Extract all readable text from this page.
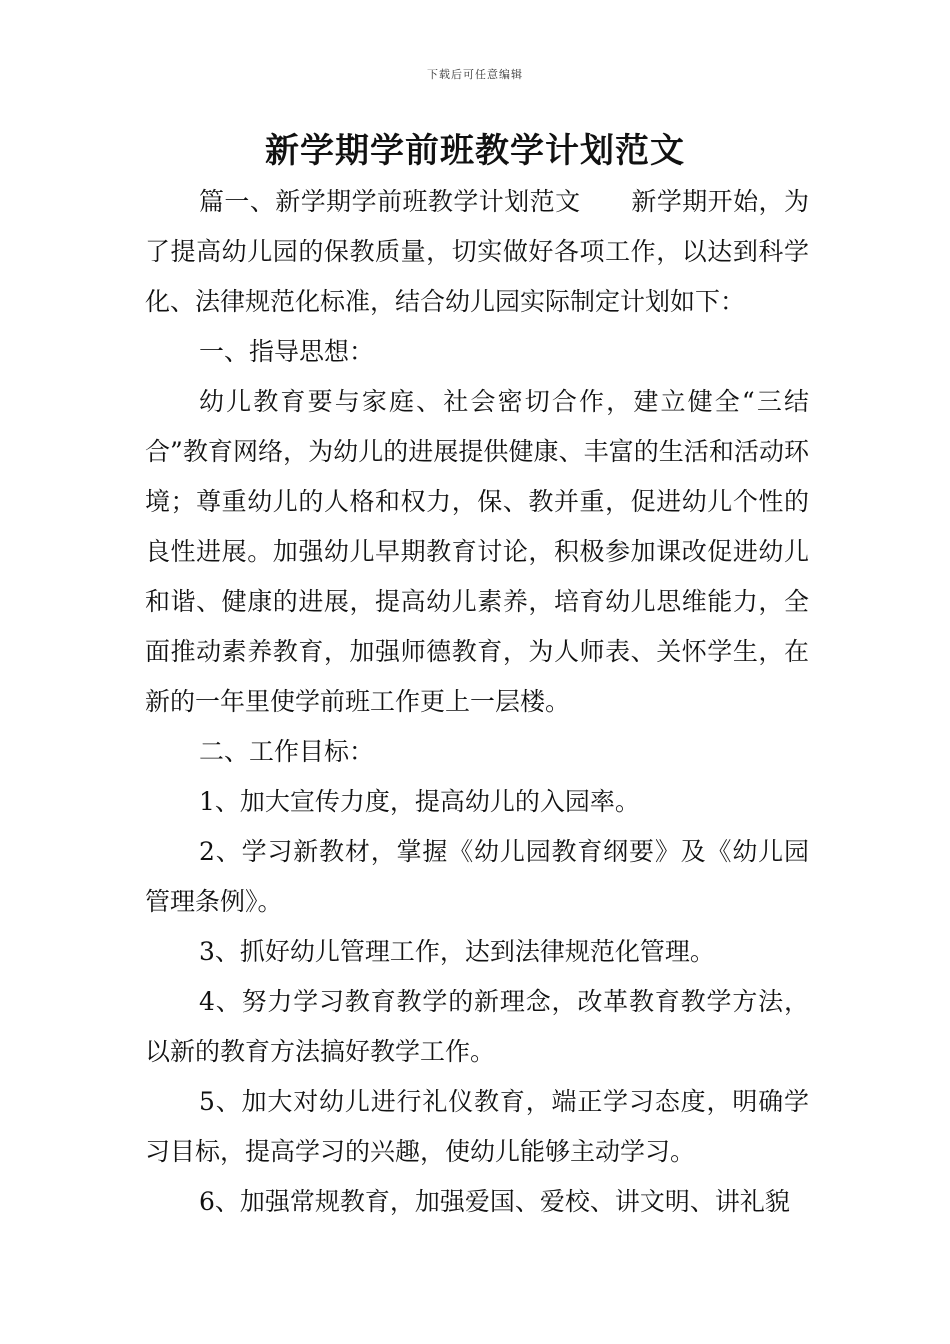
下载后可任意编辑
新学期学前班教学计划范文

篇一、新学期学前班教学计划范文　　新学期开始，为了提高幼儿园的保教质量，切实做好各项工作，以达到科学化、法律规范化标准，结合幼儿园实际制定计划如下：

一、指导思想：

幼儿教育要与家庭、社会密切合作，建立健全“三结合”教育网络，为幼儿的进展提供健康、丰富的生活和活动环境；尊重幼儿的人格和权力，保、教并重，促进幼儿个性的良性进展。加强幼儿早期教育讨论，积极参加课改促进幼儿和谐、健康的进展，提高幼儿素养，培育幼儿思维能力，全面推动素养教育，加强师德教育，为人师表、关怀学生，在新的一年里使学前班工作更上一层楼。

二、工作目标：

1、加大宣传力度，提高幼儿的入园率。

2、学习新教材，掌握《幼儿园教育纲要》及《幼儿园管理条例》。

3、抓好幼儿管理工作，达到法律规范化管理。

4、努力学习教育教学的新理念，改革教育教学方法，以新的教育方法搞好教学工作。

5、加大对幼儿进行礼仪教育，端正学习态度，明确学习目标，提高学习的兴趣，使幼儿能够主动学习。

6、加强常规教育，加强爱国、爱校、讲文明、讲礼貌
